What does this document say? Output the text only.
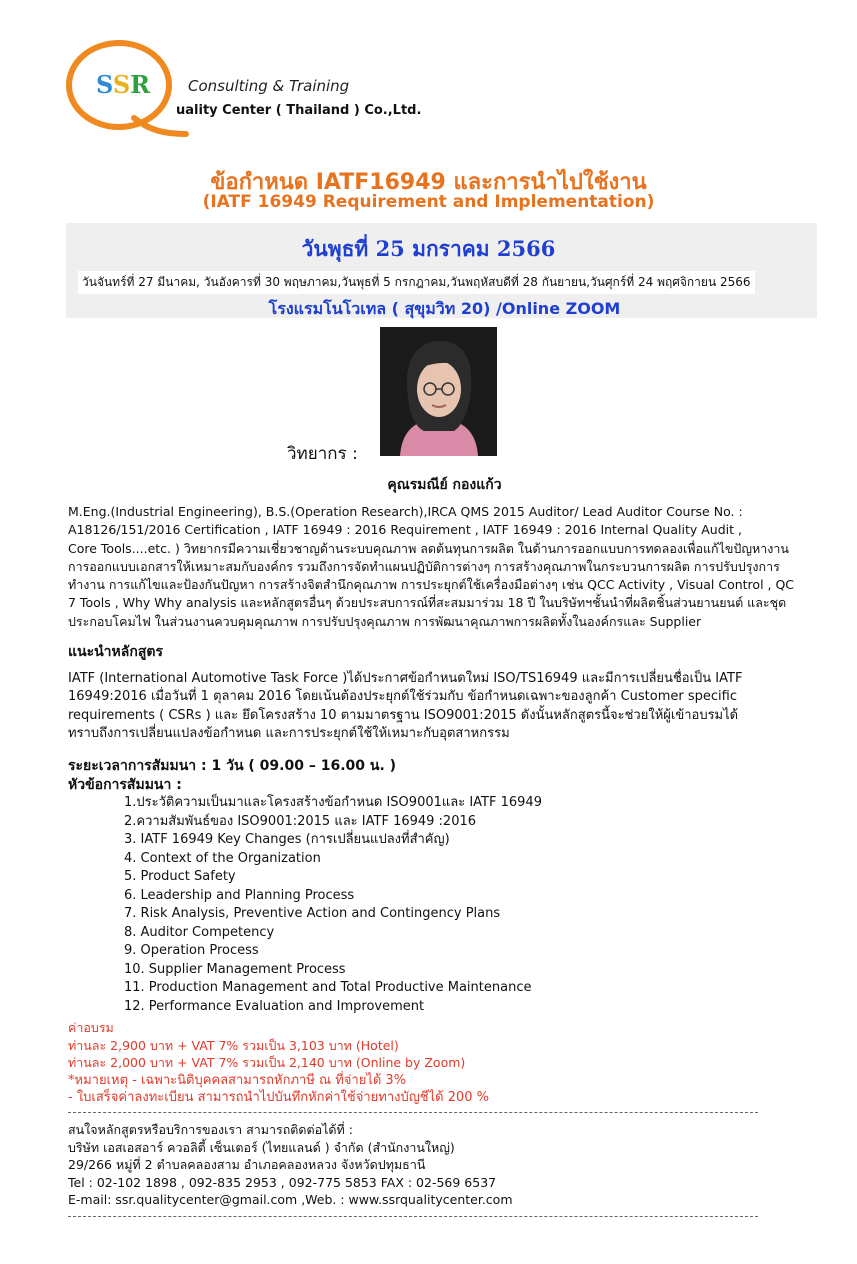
SSR	Consulting & Training
uality Center ( Thailand ) Co.,Ltd.
ข้อกำหนด IATF16949 และการนำไปใช้งาน
(IATF 16949 Requirement and Implementation)
วันพุธที่ 25 มกราคม 2566
วันจันทร์ที่ 27 มีนาคม, วันอังคารที่ 30 พฤษภาคม,วันพุธที่ 5 กรกฎาคม,วันพฤหัสบดีที่ 28 กันยายน,วันศุกร์ที่ 24 พฤศจิกายน 2566
โรงแรมโนโวเทล ( สุขุมวิท 20) /Online ZOOM
วิทยากร :
คุณรมณีย์ กองแก้ว
M.Eng.(Industrial Engineering), B.S.(Operation Research),IRCA QMS 2015 Auditor/ Lead Auditor Course No. :
A18126/151/2016 Certification , IATF 16949 : 2016 Requirement , IATF 16949 : 2016 Internal Quality Audit ,
Core Tools....etc. ) วิทยากรมีความเชี่ยวชาญด้านระบบคุณภาพ ลดต้นทุนการผลิต ในด้านการออกแบบการทดลองเพื่อแก้ไขปัญหางาน
การออกแบบเอกสารให้เหมาะสมกับองค์กร รวมถึงการจัดทำแผนปฏิบัติการต่างๆ การสร้างคุณภาพในกระบวนการผลิต การปรับปรุงการ
ทำงาน การแก้ไขและป้องกันปัญหา การสร้างจิตสำนึกคุณภาพ การประยุกต์ใช้เครื่องมือต่างๆ เช่น QCC Activity , Visual Control , QC
7 Tools , Why Why analysis และหลักสูตรอื่นๆ ด้วยประสบการณ์ที่สะสมมาร่วม 18 ปี ในบริษัทฯชั้นนำที่ผลิตชิ้นส่วนยานยนต์ และชุด
ประกอบโคมไฟ ในส่วนงานควบคุมคุณภาพ การปรับปรุงคุณภาพ การพัฒนาคุณภาพการผลิตทั้งในองค์กรและ Supplier
แนะนำหลักสูตร
IATF (International Automotive Task Force )ได้ประกาศข้อกำหนดใหม่ ISO/TS16949 และมีการเปลี่ยนชื่อเป็น IATF
16949:2016 เมื่อวันที่ 1 ตุลาคม 2016 โดยเน้นต้องประยุกต์ใช้ร่วมกับ ข้อกำหนดเฉพาะของลูกค้า Customer specific
requirements ( CSRs ) และ ยึดโครงสร้าง 10 ตามมาตรฐาน ISO9001:2015 ดังนั้นหลักสูตรนี้จะช่วยให้ผู้เข้าอบรมได้
ทราบถึงการเปลี่ยนแปลงข้อกำหนด และการประยุกต์ใช้ให้เหมาะกับอุตสาหกรรม
ระยะเวลาการสัมมนา : 1 วัน ( 09.00 – 16.00 น. )
หัวข้อการสัมมนา :
1.ประวัติความเป็นมาและโครงสร้างข้อกำหนด ISO9001และ IATF 16949
2.ความสัมพันธ์ของ ISO9001:2015 และ IATF 16949 :2016
3. IATF 16949 Key Changes (การเปลี่ยนแปลงที่สำคัญ)
4. Context of the Organization
5. Product Safety
6. Leadership and Planning Process
7. Risk Analysis, Preventive Action and Contingency Plans
8. Auditor Competency
9. Operation Process
10. Supplier Management Process
11. Production Management and Total Productive Maintenance
12. Performance Evaluation and Improvement
ค่าอบรม
ท่านละ 2,900 บาท + VAT 7% รวมเป็น 3,103 บาท (Hotel)
ท่านละ 2,000 บาท + VAT 7% รวมเป็น 2,140 บาท (Online by Zoom)
*หมายเหตุ - เฉพาะนิติบุคคลสามารถหักภาษี ณ ที่จ่ายได้ 3%
- ใบเสร็จค่าลงทะเบียน สามารถนำไปบันทึกหักค่าใช้จ่ายทางบัญชีได้ 200 %
สนใจหลักสูตรหรือบริการของเรา สามารถติดต่อได้ที่ :
บริษัท เอสเอสอาร์ ควอลิตี้ เซ็นเตอร์ (ไทยแลนด์ ) จำกัด (สำนักงานใหญ่)
29/266 หมู่ที่ 2 ตำบลคลองสาม อำเภอคลองหลวง จังหวัดปทุมธานี
Tel : 02-102 1898 , 092-835 2953 , 092-775 5853 FAX : 02-569 6537
E-mail: ssr.qualitycenter@gmail.com ,Web. : www.ssrqualitycenter.com
